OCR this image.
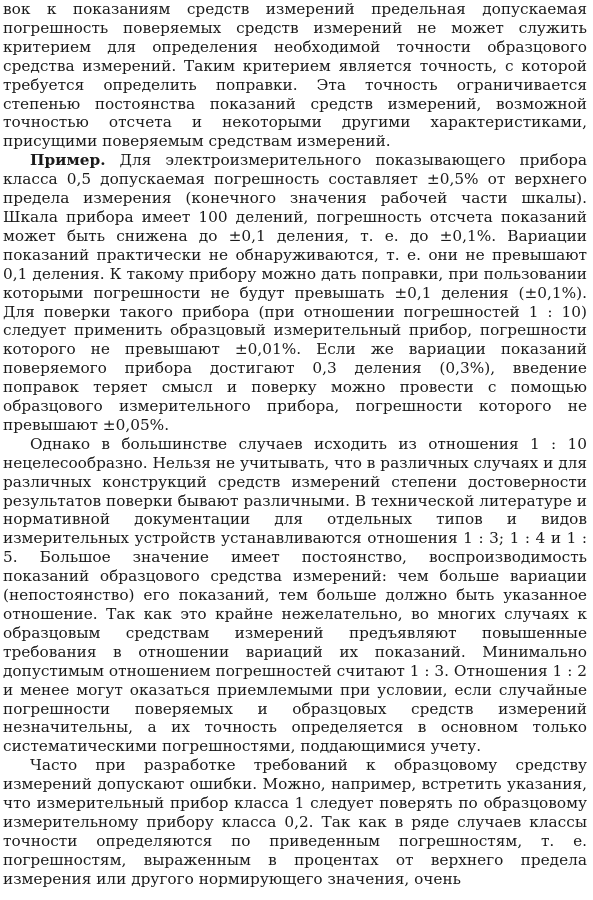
вок к показаниям средств измерений предельная допускаемая погрешность поверяемых средств измерений не может служить критерием для определения необходимой точности образцового средства измерений. Таким критерием является точность, с которой требуется определить поправки. Эта точность ограничивается степенью постоянства показаний средств измерений, возможной точностью отсчета и некоторыми другими характеристиками, присущими поверяемым средствам измерений.

Пример. Для электроизмерительного показывающего прибора класса 0,5 допускаемая погрешность составляет ±0,5% от верхнего предела измерения (конечного значения рабочей части шкалы). Шкала прибора имеет 100 делений, погрешность отсчета показаний может быть снижена до ±0,1 деления, т. е. до ±0,1%. Вариации показаний практически не обнаруживаются, т. е. они не превышают 0,1 деления. К такому прибору можно дать поправки, при пользовании которыми погрешности не будут превышать ±0,1 деления (±0,1%). Для поверки такого прибора (при отношении погрешностей 1 : 10) следует применить образцовый измерительный прибор, погрешности которого не превышают ±0,01%. Если же вариации показаний поверяемого прибора достигают 0,3 деления (0,3%), введение поправок теряет смысл и поверку можно провести с помощью образцового измерительного прибора, погрешности которого не превышают ±0,05%.

Однако в большинстве случаев исходить из отношения 1 : 10 нецелесообразно. Нельзя не учитывать, что в различных случаях и для различных конструкций средств измерений степени достоверности результатов поверки бывают различными. В технической литературе и нормативной документации для отдельных типов и видов измерительных устройств устанавливаются отношения 1 : 3; 1 : 4 и 1 : 5. Большое значение имеет постоянство, воспроизводимость показаний образцового средства измерений: чем больше вариации (непостоянство) его показаний, тем больше должно быть указанное отношение. Так как это крайне нежелательно, во многих случаях к образцовым средствам измерений предъявляют повышенные требования в отношении вариаций их показаний. Минимально допустимым отношением погрешностей считают 1 : 3. Отношения 1 : 2 и менее могут оказаться приемлемыми при условии, если случайные погрешности поверяемых и образцовых средств измерений незначительны, а их точность определяется в основном только систематическими погрешностями, поддающимися учету.

Часто при разработке требований к образцовому средству измерений допускают ошибки. Можно, например, встретить указания, что измерительный прибор класса 1 следует поверять по образцовому измерительному прибору класса 0,2. Так как в ряде случаев классы точности определяются по приведенным погрешностям, т. е. погрешностям, выраженным в процентах от верхнего предела измерения или другого нормирующего значения, очень
